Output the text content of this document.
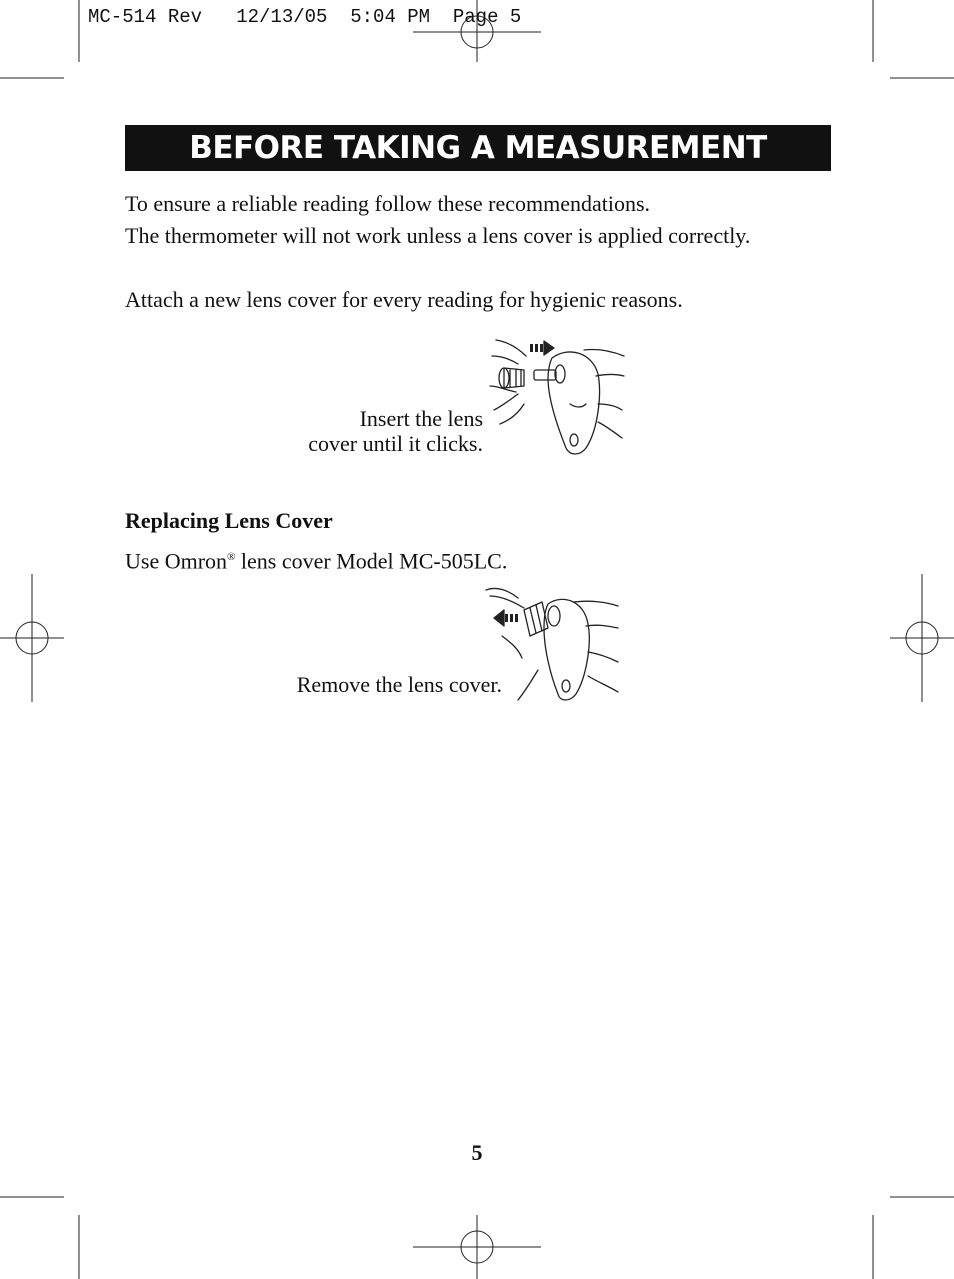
MC-514 Rev   12/13/05  5:04 PM  Page 5
BEFORE TAKING A MEASUREMENT
To ensure a reliable reading follow these recommendations.
The thermometer will not work unless a lens cover is applied correctly.
Attach a new lens cover for every reading for hygienic reasons.
Insert the lens
cover until it clicks.
Replacing Lens Cover
Use Omron® lens cover Model MC-505LC.
Remove the lens cover.
5
